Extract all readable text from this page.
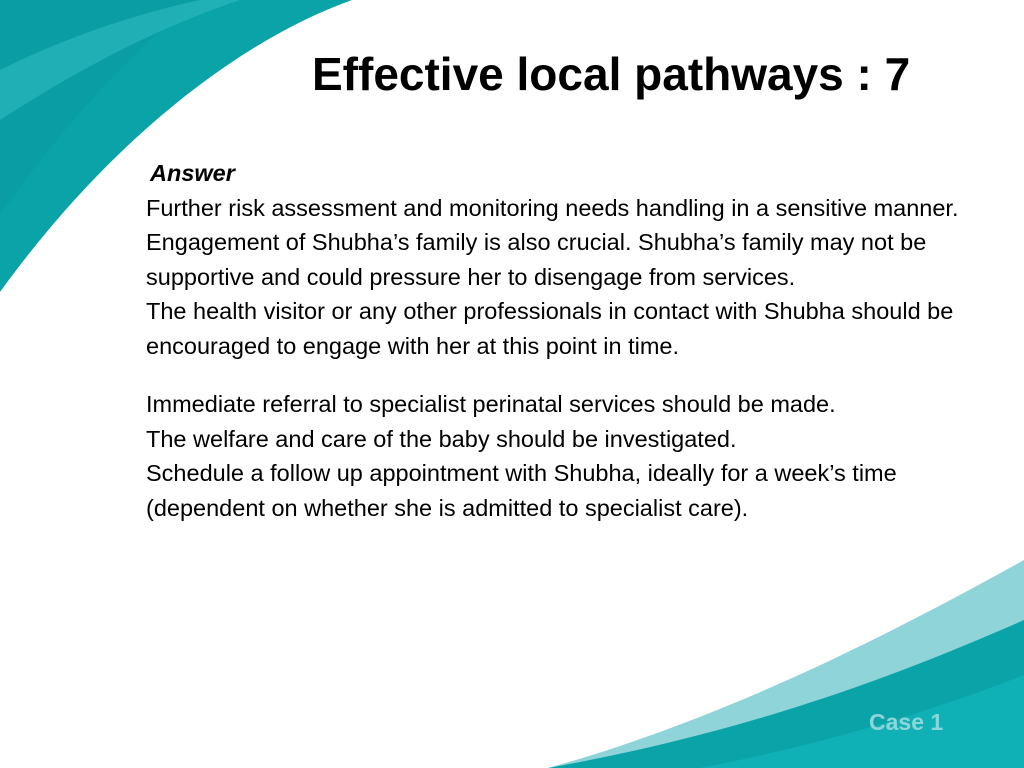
Effective local pathways : 7

Answer

Further risk assessment and monitoring needs handling in a sensitive manner. Engagement of Shubha’s family is also crucial. Shubha’s family may not be supportive and could pressure her to disengage from services.

The health visitor or any other professionals in contact with Shubha should be encouraged to engage with her at this point in time.

Immediate referral to specialist perinatal services should be made.

The welfare and care of the baby should be investigated.

Schedule a follow up appointment with Shubha, ideally for a week’s time (dependent on whether she is admitted to specialist care).

Case 1
